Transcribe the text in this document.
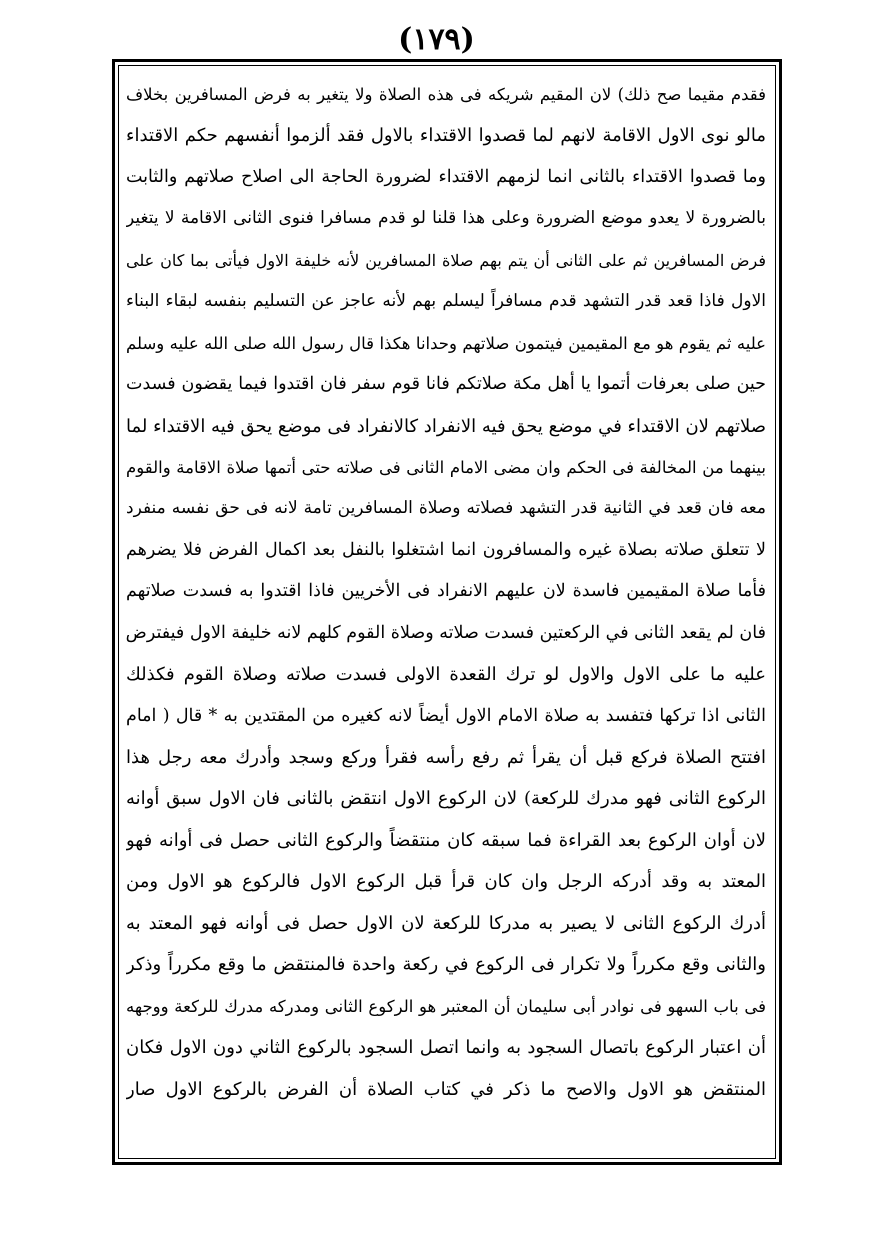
(١٧٩)
فقدم مقيما صح ذلك) لان المقيم شريكه فى هذه الصلاة ولا يتغير به فرض المسافرين بخلاف
مالو نوى الاول الاقامة لانهم لما قصدوا الاقتداء بالاول فقد ألزموا أنفسهم حكم الاقتداء
وما قصدوا الاقتداء بالثانى انما لزمهم الاقتداء لضرورة الحاجة الى اصلاح صلاتهم والثابت
بالضرورة لا يعدو موضع الضرورة وعلى هذا قلنا لو قدم مسافرا فنوى الثانى الاقامة لا يتغير
فرض المسافرين ثم على الثانى أن يتم بهم صلاة المسافرين لأنه خليفة الاول فيأتى بما كان على
الاول فاذا قعد قدر التشهد قدم مسافراً ليسلم بهم لأنه عاجز عن التسليم بنفسه لبقاء البناء
عليه ثم يقوم هو مع المقيمين فيتمون صلاتهم وحدانا هكذا قال رسول الله صلى الله عليه وسلم
حين صلى بعرفات أتموا يا أهل مكة صلاتكم فانا قوم سفر فان اقتدوا فيما يقضون فسدت
صلاتهم لان الاقتداء في موضع يحق فيه الانفراد كالانفراد فى موضع يحق فيه الاقتداء لما
بينهما من المخالفة فى الحكم وان مضى الامام الثانى فى صلاته حتى أتمها صلاة الاقامة والقوم
معه فان قعد في الثانية قدر التشهد فصلاته وصلاة المسافرين تامة لانه فى حق نفسه منفرد
لا تتعلق صلاته بصلاة غيره والمسافرون انما اشتغلوا بالنفل بعد اكمال الفرض فلا يضرهم
فأما صلاة المقيمين فاسدة لان عليهم الانفراد فى الأخريين فاذا اقتدوا به فسدت صلاتهم
فان لم يقعد الثانى في الركعتين فسدت صلاته وصلاة القوم كلهم لانه خليفة الاول فيفترض
عليه ما على الاول والاول لو ترك القعدة الاولى فسدت صلاته وصلاة القوم فكذلك
الثانى اذا تركها فتفسد به صلاة الامام الاول أيضاً لانه كغيره من المقتدين به * قال ( امام
افتتح الصلاة فركع قبل أن يقرأ ثم رفع رأسه فقرأ وركع وسجد وأدرك معه رجل هذا
الركوع الثانى فهو مدرك للركعة) لان الركوع الاول انتقض بالثانى فان الاول سبق أوانه
لان أوان الركوع بعد القراءة فما سبقه كان منتقضاً والركوع الثانى حصل فى أوانه فهو
المعتد به وقد أدركه الرجل وان كان قرأ قبل الركوع الاول فالركوع هو الاول ومن
أدرك الركوع الثانى لا يصير به مدركا للركعة لان الاول حصل فى أوانه فهو المعتد به
والثانى وقع مكرراً ولا تكرار فى الركوع في ركعة واحدة فالمنتقض ما وقع مكرراً وذكر
فى باب السهو فى نوادر أبى سليمان أن المعتبر هو الركوع الثانى ومدركه مدرك للركعة ووجهه
أن اعتبار الركوع باتصال السجود به وانما اتصل السجود بالركوع الثاني دون الاول فكان
المنتقض هو الاول والاصح ما ذكر في كتاب الصلاة أن الفرض بالركوع الاول صار
